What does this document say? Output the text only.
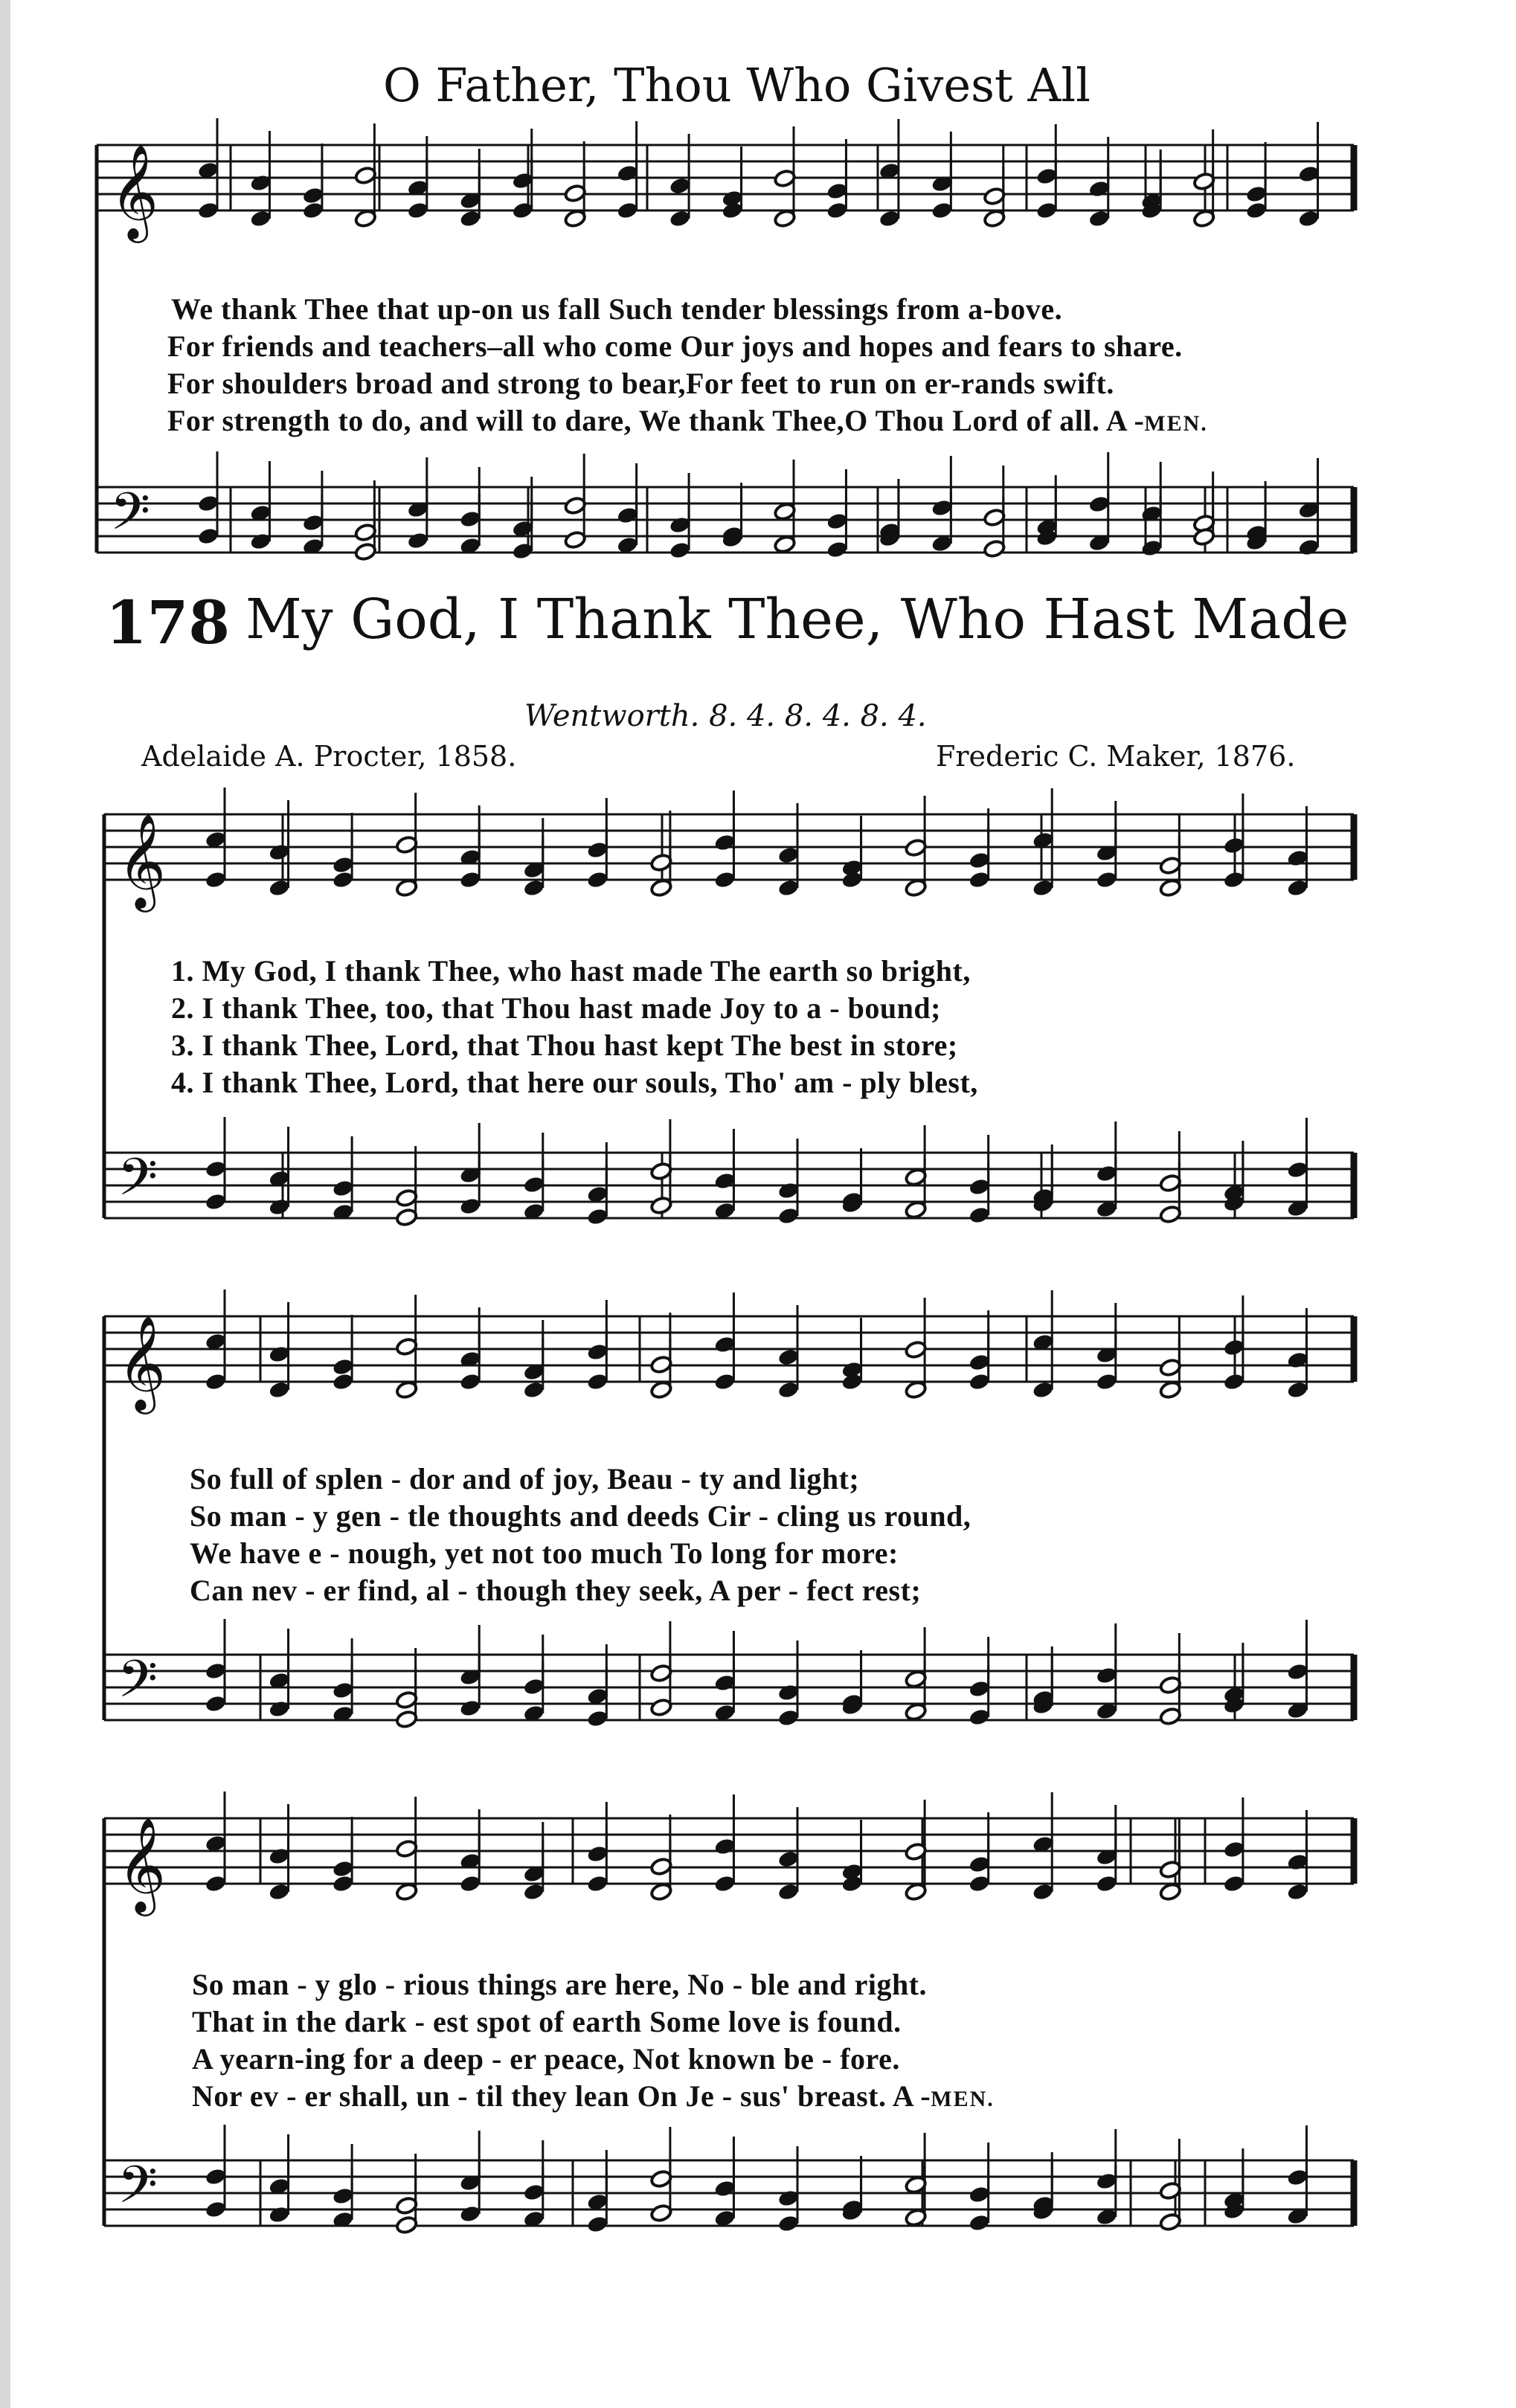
𝄞
𝄢
𝄞
𝄢
𝄞
𝄢
𝄞
𝄢
O Father, Thou Who Givest All
We thank Thee that up-on us fall Such tender blessings from a-bove.
For friends and teachers–all who come Our joys and hopes and fears to share.
For shoulders broad and strong to bear,For feet to run on er-rands swift.
For strength to do, and will to dare, We thank Thee,O Thou Lord of all. A -MEN.
178 My God, I Thank Thee, Who Hast Made
Wentworth. 8. 4. 8. 4. 8. 4.
Adelaide A. Procter, 1858.	Frederic C. Maker, 1876.
1. My God, I thank Thee, who hast made The earth so bright,
2. I thank Thee, too, that Thou hast made Joy to a - bound;
3. I thank Thee, Lord, that Thou hast kept The best in store;
4. I thank Thee, Lord, that here our souls, Tho' am - ply blest,
So full of splen - dor and of joy, Beau - ty and light;
So man - y gen - tle thoughts and deeds Cir - cling us round,
We have e - nough, yet not too much To long for more:
Can nev - er find, al - though they seek, A per - fect rest;
So man - y glo - rious things are here, No - ble and right.
That in the dark - est spot of earth Some love is found.
A yearn-ing for a deep - er peace, Not known be - fore.
Nor ev - er shall, un - til they lean On Je - sus' breast. A -MEN.
